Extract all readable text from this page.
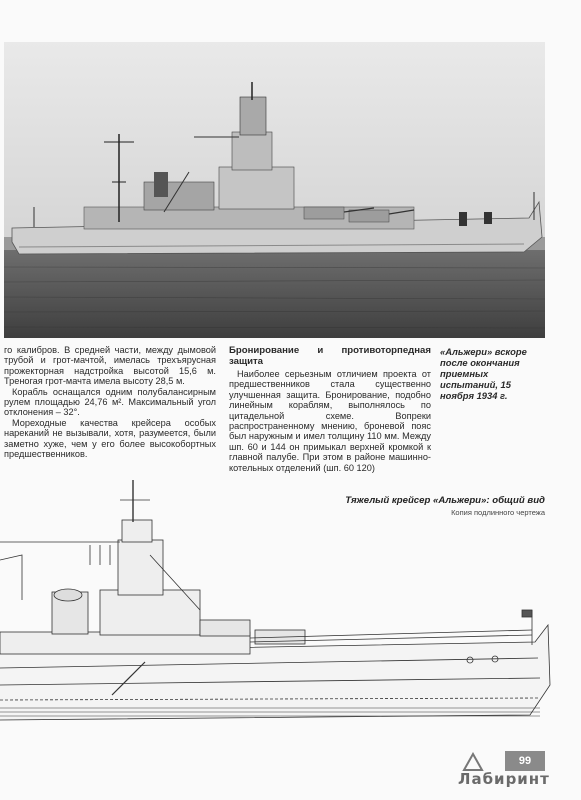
го калибров. В средней части, между дымовой трубой и грот-мачтой, имелась трехъярусная прожекторная надстройка высотой 15,6 м. Треногая грот-мачта имела высоту 28,5 м.

Корабль оснащался одним полубалансирным рулем площадью 24,76 м². Максимальный угол отклонения – 32°.

Мореходные качества крейсера особых нареканий не вызывали, хотя, разумеется, были заметно хуже, чем у его более высокобортных предшественников.

Бронирование и противоторпедная защита

Наиболее серьезным отличием проекта от предшественников стала существенно улучшенная защита. Бронирование, подобно линейным кораблям, выполнялось по цитадельной схеме. Вопреки распространенному мнению, броневой пояс был наружным и имел толщину 110 мм. Между шп. 60 и 144 он примыкал верхней кромкой к главной палубе. При этом в районе машинно-котельных отделений (шп. 60 120)

«Альжери» вскоре после окончания приемных испытаний, 15 ноября 1934 г.
Тяжелый крейсер «Альжери»: общий вид
Копия подлинного чертежа
99
Лабиринт
